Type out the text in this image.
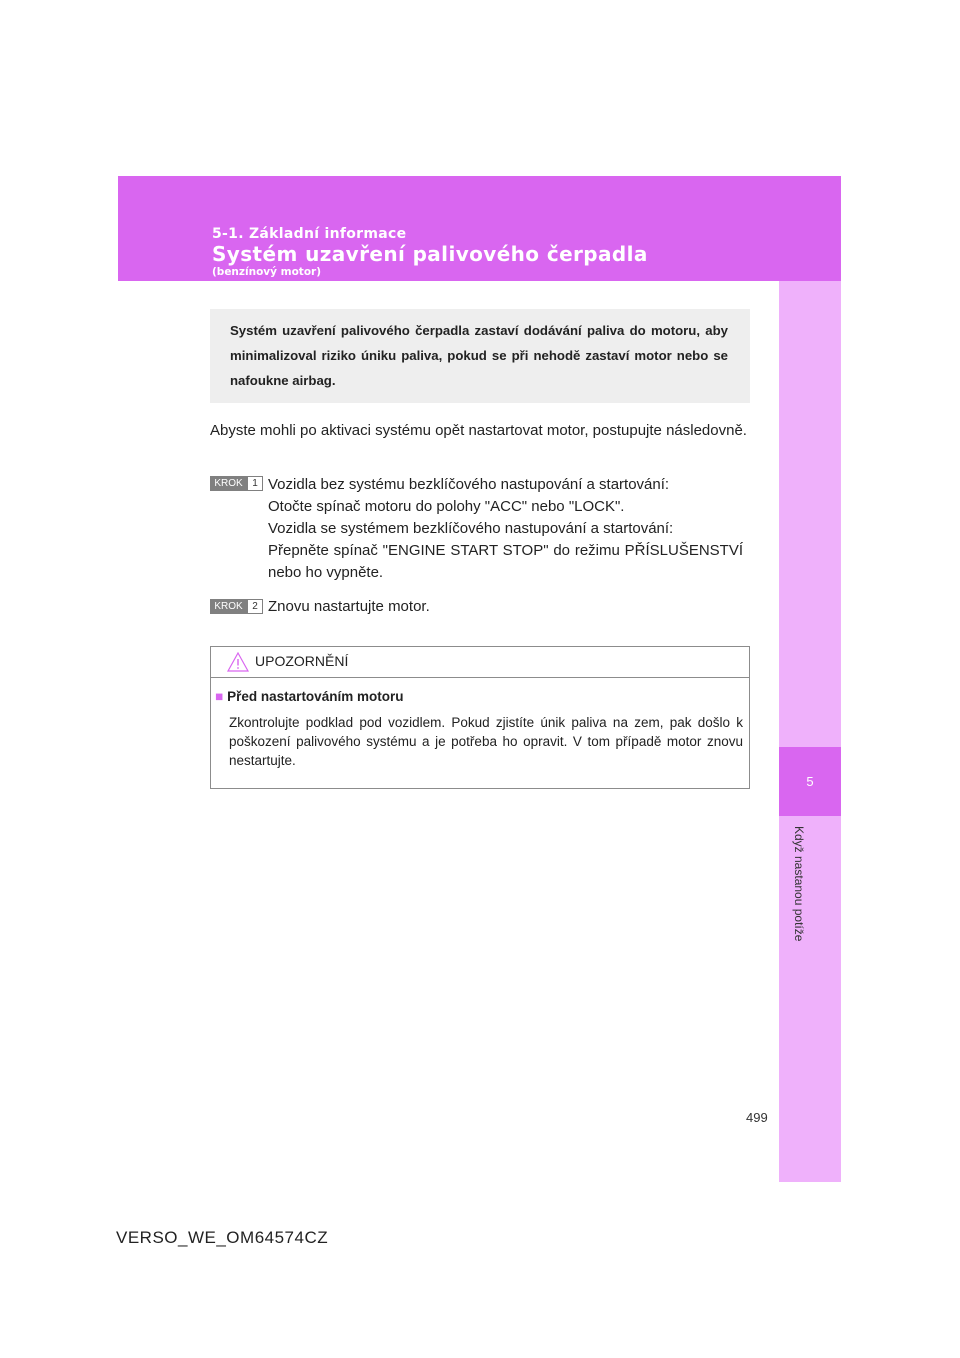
5-1. Základní informace
Systém uzavření palivového čerpadla
(benzínový motor)
5
Když nastanou potíže
Systém uzavření palivového čerpadla zastaví dodávání paliva do motoru, aby minimalizoval riziko úniku paliva, pokud se při nehodě zastaví motor nebo se nafoukne airbag.
Abyste mohli po aktivaci systému opět nastartovat motor, postupujte následovně.
KROK 1 Vozidla bez systému bezklíčového nastupování a startování:
Otočte spínač motoru do polohy "ACC" nebo "LOCK".
Vozidla se systémem bezklíčového nastupování a startování:
Přepněte spínač "ENGINE START STOP" do režimu PŘÍSLUŠENSTVÍ nebo ho vypněte.
KROK 2 Znovu nastartujte motor.
UPOZORNĚNÍ
■ Před nastartováním motoru
Zkontrolujte podklad pod vozidlem. Pokud zjistíte únik paliva na zem, pak došlo k poškození palivového systému a je potřeba ho opravit. V tom případě motor znovu nestartujte.
499
VERSO_WE_OM64574CZ
